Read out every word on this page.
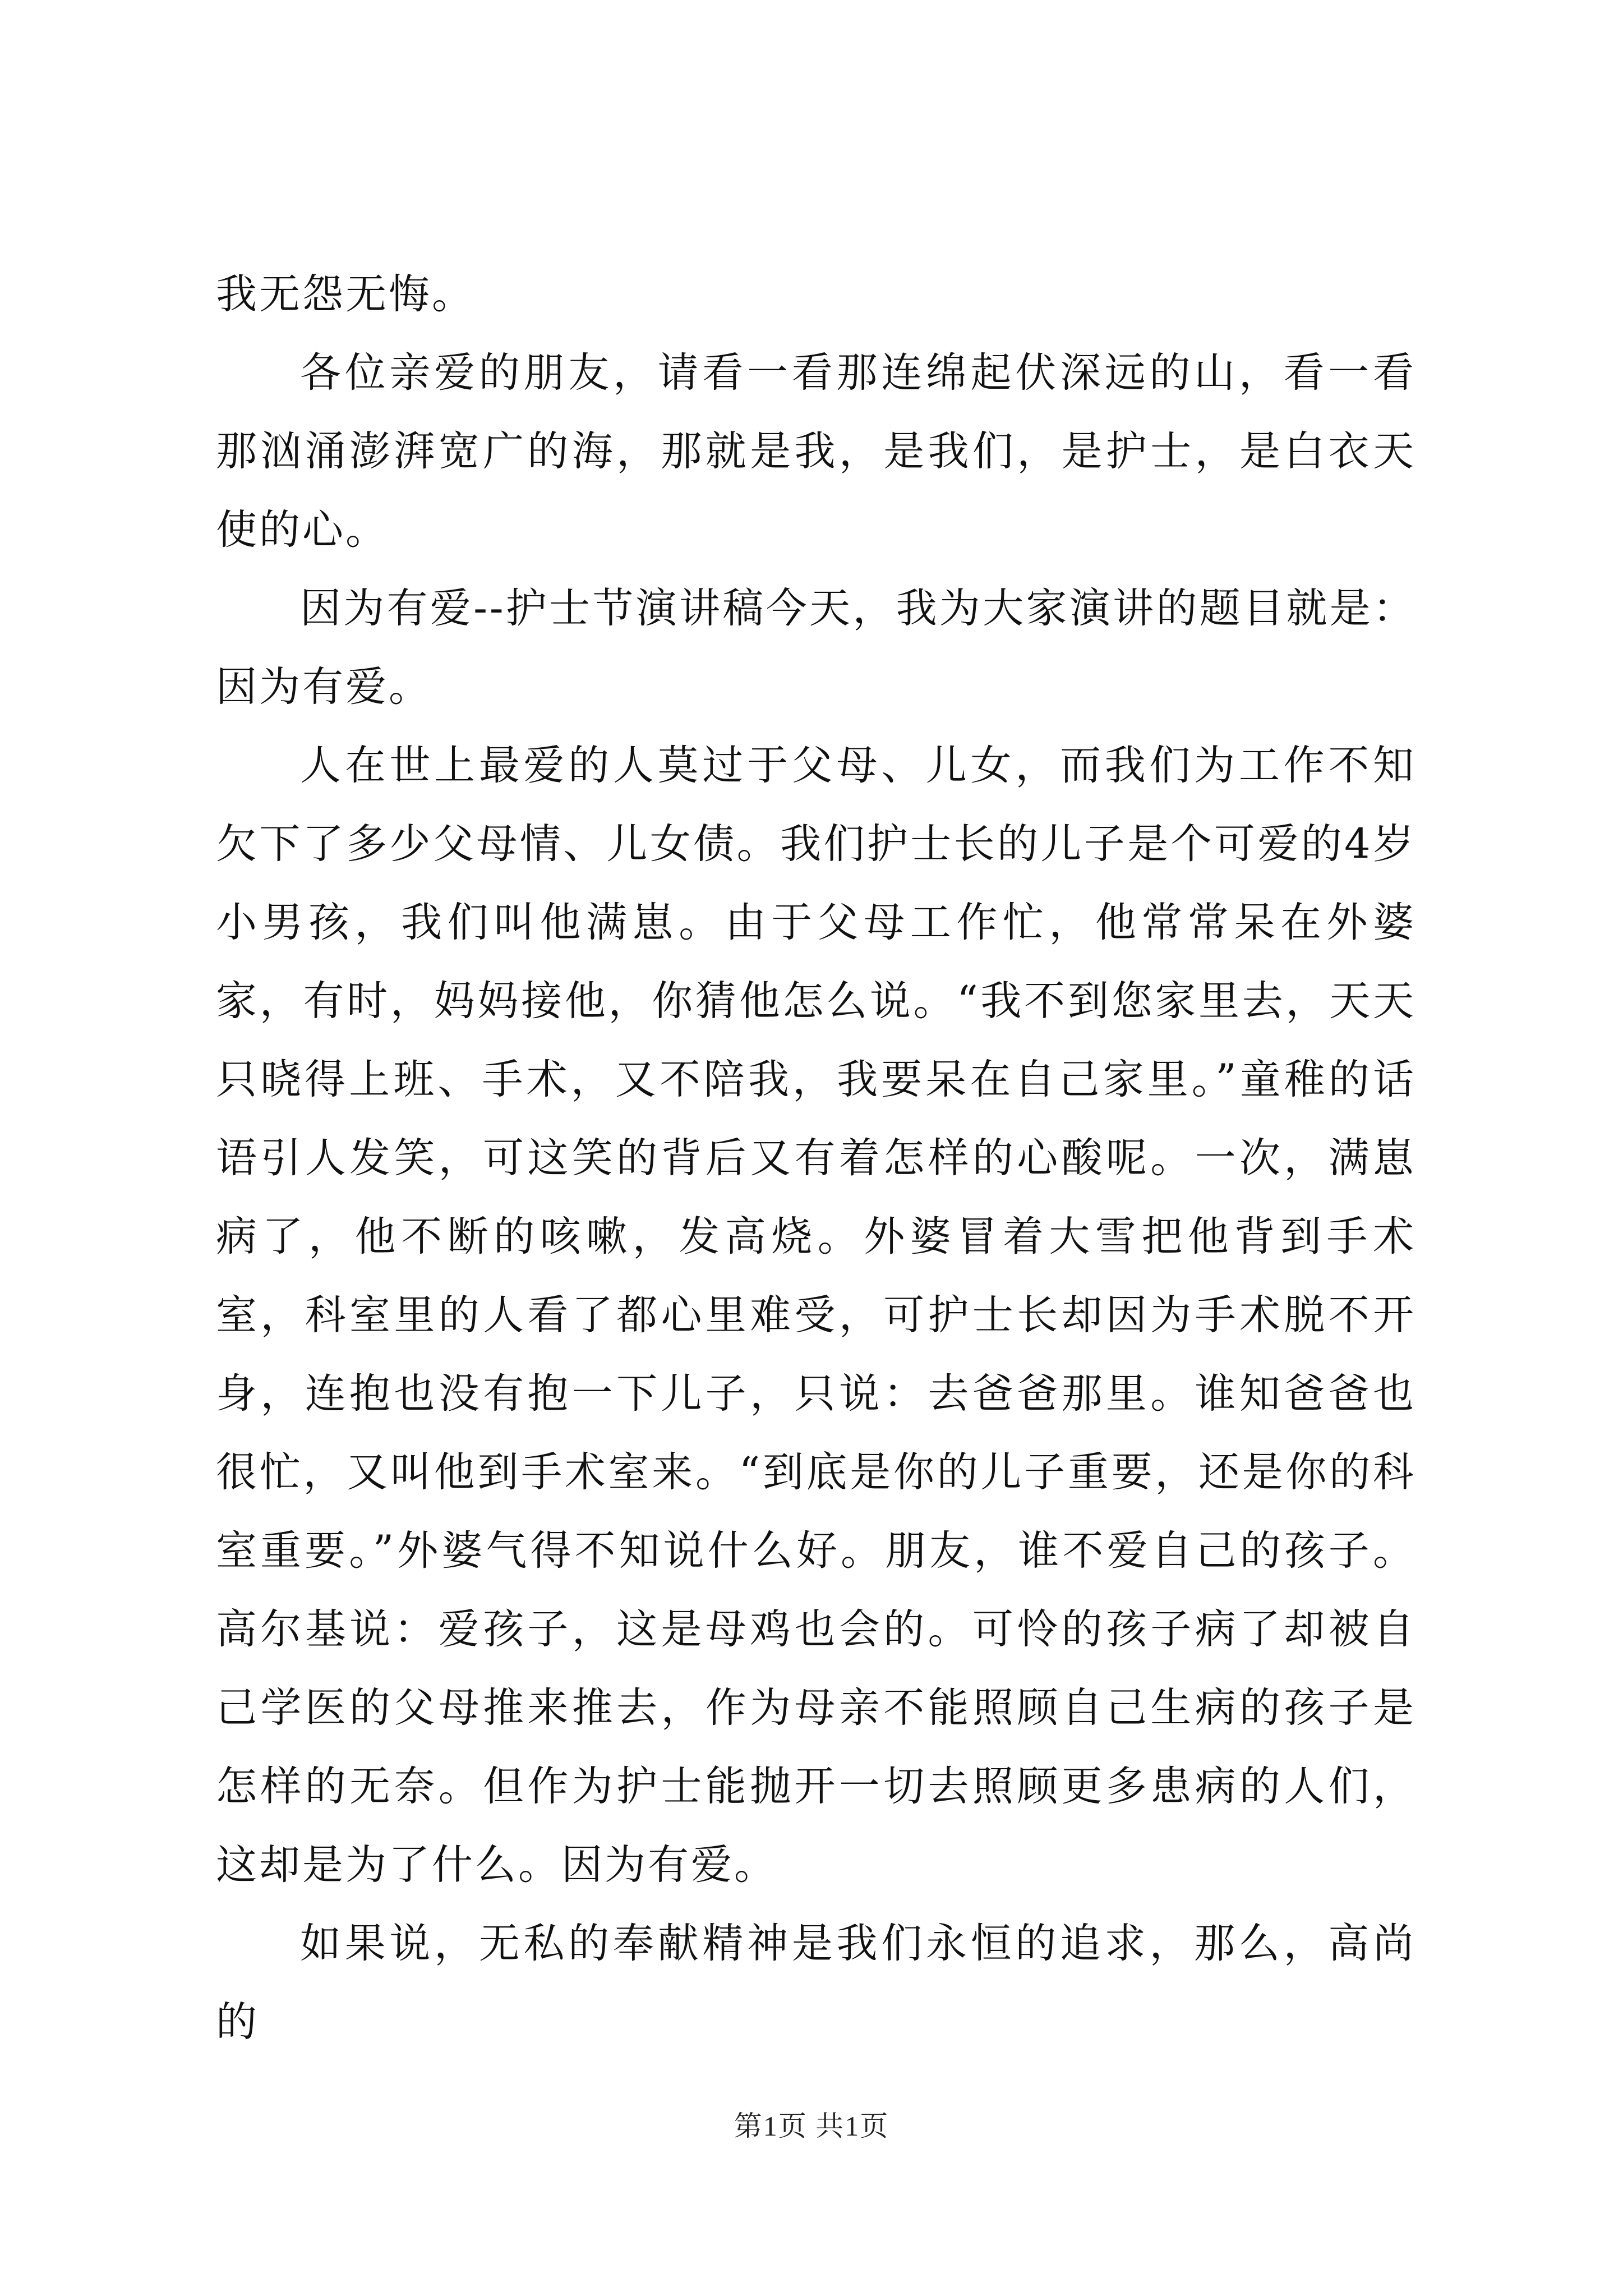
我无怨无悔。

各位亲爱的朋友，请看一看那连绵起伏深远的山，看一看那汹涌澎湃宽广的海，那就是我，是我们，是护士，是白衣天使的心。

因为有爱--护士节演讲稿今天，我为大家演讲的题目就是：因为有爱。

人在世上最爱的人莫过于父母、儿女，而我们为工作不知欠下了多少父母情、儿女债。我们护士长的儿子是个可爱的4岁小男孩，我们叫他满崽。由于父母工作忙，他常常呆在外婆家，有时，妈妈接他，你猜他怎么说。“我不到您家里去，天天只晓得上班、手术，又不陪我，我要呆在自己家里。”童稚的话语引人发笑，可这笑的背后又有着怎样的心酸呢。一次，满崽病了，他不断的咳嗽，发高烧。外婆冒着大雪把他背到手术室，科室里的人看了都心里难受，可护士长却因为手术脱不开身，连抱也没有抱一下儿子，只说：去爸爸那里。谁知爸爸也很忙，又叫他到手术室来。“到底是你的儿子重要，还是你的科室重要。”外婆气得不知说什么好。朋友，谁不爱自己的孩子。高尔基说：爱孩子，这是母鸡也会的。可怜的孩子病了却被自己学医的父母推来推去，作为母亲不能照顾自己生病的孩子是怎样的无奈。但作为护士能抛开一切去照顾更多患病的人们，这却是为了什么。因为有爱。

如果说，无私的奉献精神是我们永恒的追求，那么，高尚的

第1页 共1页
